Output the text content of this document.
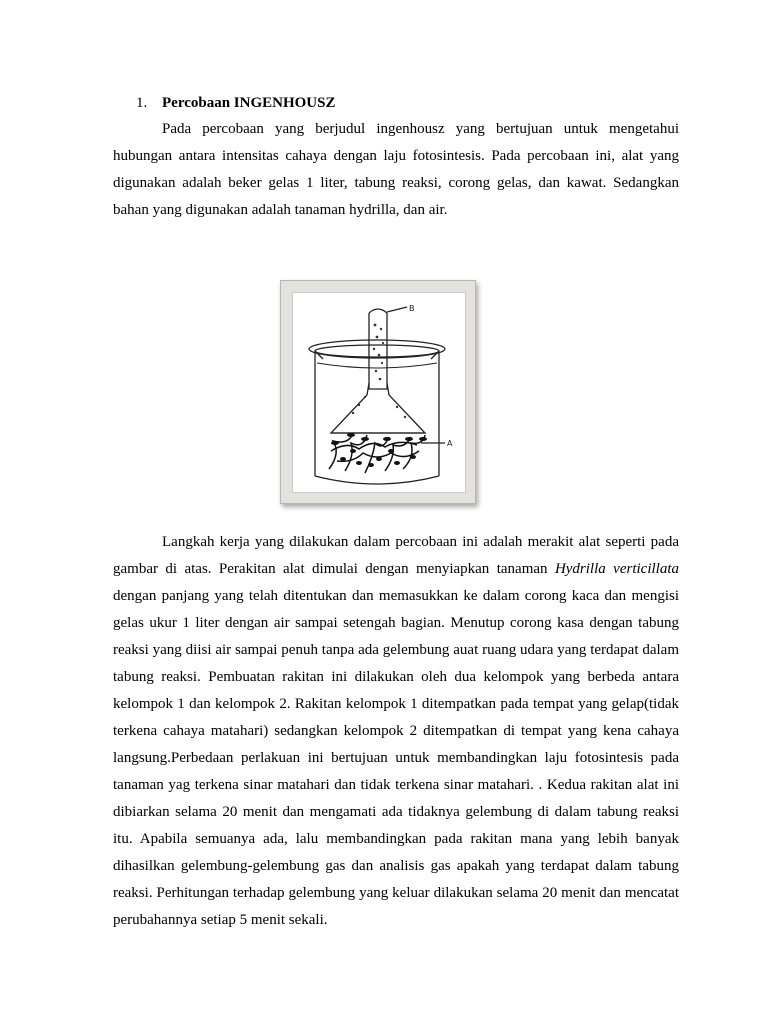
1. Percobaan INGENHOUSZ

Pada percobaan yang berjudul ingenhousz yang bertujuan untuk mengetahui hubungan antara intensitas cahaya dengan laju fotosintesis. Pada percobaan ini, alat yang digunakan adalah beker gelas 1 liter, tabung reaksi, corong gelas, dan kawat. Sedangkan bahan yang digunakan adalah tanaman hydrilla, dan air.

B
A

Langkah kerja yang dilakukan dalam percobaan ini adalah merakit alat seperti pada gambar di atas. Perakitan alat dimulai dengan menyiapkan tanaman Hydrilla verticillata dengan panjang yang telah ditentukan dan memasukkan ke dalam corong kaca dan mengisi gelas ukur 1 liter dengan air sampai setengah bagian. Menutup corong kasa dengan tabung reaksi yang diisi air sampai penuh tanpa ada gelembung auat ruang udara yang terdapat dalam tabung reaksi. Pembuatan rakitan ini dilakukan oleh dua kelompok yang berbeda antara kelompok 1 dan kelompok 2. Rakitan kelompok 1 ditempatkan pada tempat yang gelap(tidak terkena cahaya matahari) sedangkan kelompok 2 ditempatkan di tempat yang kena cahaya langsung.Perbedaan perlakuan ini bertujuan untuk membandingkan laju fotosintesis pada tanaman yag terkena sinar matahari dan tidak terkena sinar matahari. . Kedua rakitan alat ini dibiarkan selama 20 menit dan mengamati ada tidaknya gelembung di dalam tabung reaksi itu. Apabila semuanya ada, lalu membandingkan pada rakitan mana yang lebih banyak dihasilkan gelembung-gelembung gas dan analisis gas apakah yang terdapat dalam tabung reaksi. Perhitungan terhadap gelembung yang keluar dilakukan selama 20 menit dan mencatat perubahannya setiap 5 menit sekali.
